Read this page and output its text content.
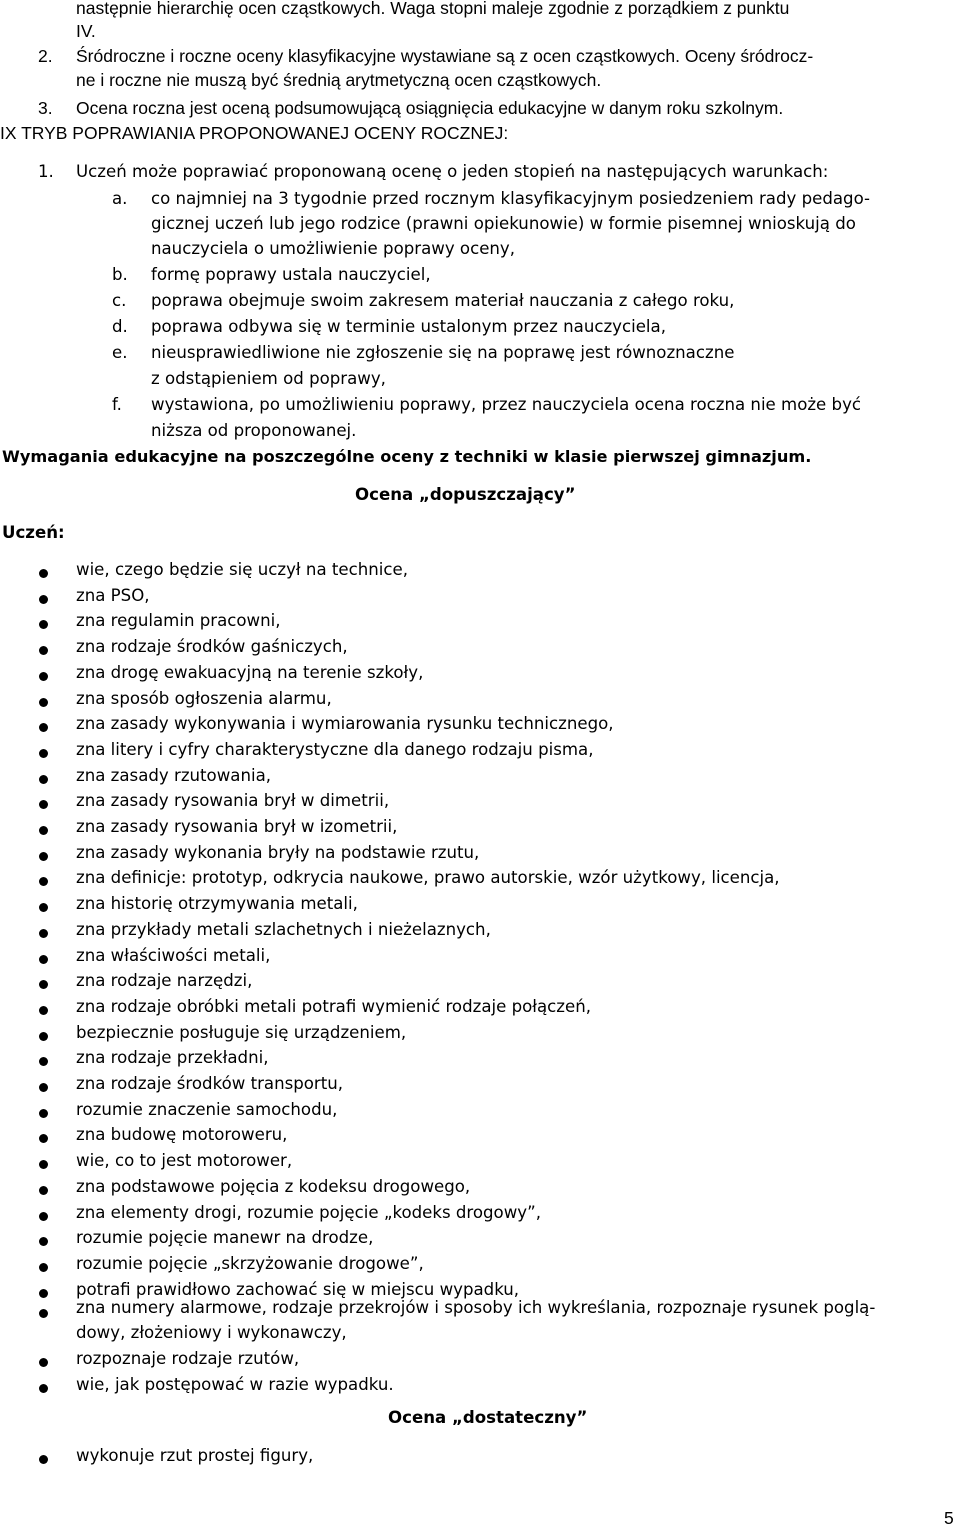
następnie hierarchię ocen cząstkowych. Waga stopni maleje zgodnie z porządkiem z punktu
IV.
2. Śródroczne i roczne oceny klasyfikacyjne wystawiane są z ocen cząstkowych. Oceny śródrocz-
ne i roczne nie muszą być średnią arytmetyczną ocen cząstkowych.
3. Ocena roczna jest oceną podsumowującą osiągnięcia edukacyjne w danym roku szkolnym.
IX TRYB POPRAWIANIA PROPONOWANEJ OCENY ROCZNEJ:
1. Uczeń może poprawiać proponowaną ocenę o jeden stopień na następujących warunkach:
a. co najmniej na 3 tygodnie przed rocznym klasyfikacyjnym posiedzeniem rady pedago-
gicznej uczeń lub jego rodzice (prawni opiekunowie) w formie pisemnej wnioskują do
nauczyciela o umożliwienie poprawy oceny,
b. formę poprawy ustala nauczyciel,
c. poprawa obejmuje swoim zakresem materiał nauczania z całego roku,
d. poprawa odbywa się w terminie ustalonym przez nauczyciela,
e. nieusprawiedliwione nie zgłoszenie się na poprawę jest równoznaczne
z odstąpieniem od poprawy,
f. wystawiona, po umożliwieniu poprawy, przez nauczyciela ocena roczna nie może być
niższa od proponowanej.
Wymagania edukacyjne na poszczególne oceny z techniki w klasie pierwszej gimnazjum.
Ocena „dopuszczający”
Uczeń:
wie, czego będzie się uczył na technice,
zna PSO,
zna regulamin pracowni,
zna rodzaje środków gaśniczych,
zna drogę ewakuacyjną na terenie szkoły,
zna sposób ogłoszenia alarmu,
zna zasady wykonywania i wymiarowania rysunku technicznego,
zna litery i cyfry charakterystyczne dla danego rodzaju pisma,
zna zasady rzutowania,
zna zasady rysowania brył w dimetrii,
zna zasady rysowania brył w izometrii,
zna zasady wykonania bryły na podstawie rzutu,
zna definicje: prototyp, odkrycia naukowe, prawo autorskie, wzór użytkowy, licencja,
zna historię otrzymywania metali,
zna przykłady metali szlachetnych i nieżelaznych,
zna właściwości metali,
zna rodzaje narzędzi,
zna rodzaje obróbki metali potrafi wymienić rodzaje połączeń,
bezpiecznie posługuje się urządzeniem,
zna rodzaje przekładni,
zna rodzaje środków transportu,
rozumie znaczenie samochodu,
zna budowę motoroweru,
wie, co to jest motorower,
zna podstawowe pojęcia z kodeksu drogowego,
zna elementy drogi, rozumie pojęcie „kodeks drogowy”,
rozumie pojęcie manewr na drodze,
rozumie pojęcie „skrzyżowanie drogowe”,
potrafi prawidłowo zachować się w miejscu wypadku,
zna numery alarmowe, rodzaje przekrojów i sposoby ich wykreślania, rozpoznaje rysunek poglą-
dowy, złożeniowy i wykonawczy,
rozpoznaje rodzaje rzutów,
wie, jak postępować w razie wypadku.
Ocena „dostateczny”
wykonuje rzut prostej figury,
5
